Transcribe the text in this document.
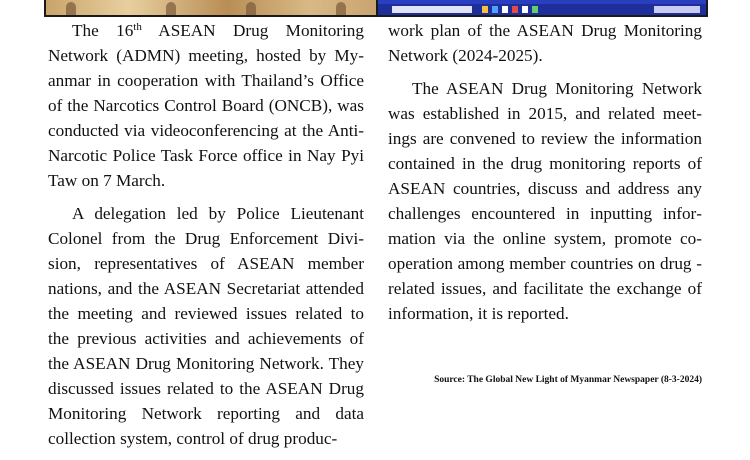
The 16th ASEAN Drug Monitoring Network (ADMN) meeting, hosted by Myanmar in cooperation with Thailand’s Office of the Narcotics Control Board (ONCB), was conducted via videoconferencing at the Anti-Narcotic Police Task Force office in Nay Pyi Taw on 7 March.

A delegation led by Police Lieutenant Colonel from the Drug Enforcement Division, representatives of ASEAN member nations, and the ASEAN Secretariat attended the meeting and reviewed issues related to the previous activities and achievements of the ASEAN Drug Monitoring Network. They discussed issues related to the ASEAN Drug Monitoring Network reporting and data collection system, control of drug produc-

work plan of the ASEAN Drug Monitoring Network (2024-2025).

The ASEAN Drug Monitoring Network was established in 2015, and related meetings are convened to review the information contained in the drug monitoring reports of ASEAN countries, discuss and address any challenges encountered in inputting information via the online system, promote cooperation among member countries on drug -related issues, and facilitate the exchange of information, it is reported.

Source: The Global New Light of Myanmar Newspaper (8-3-2024)
